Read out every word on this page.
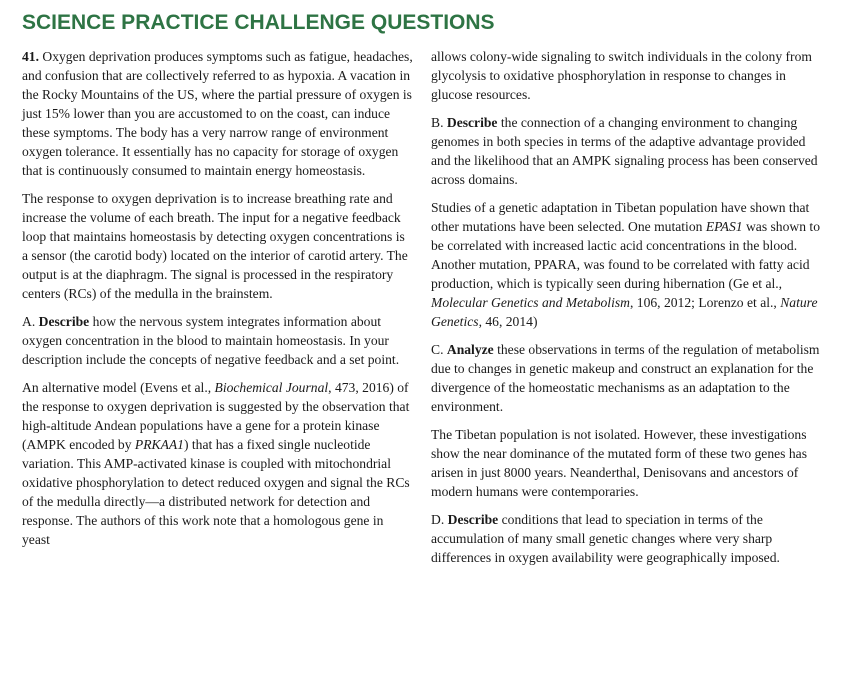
SCIENCE PRACTICE CHALLENGE QUESTIONS

41. Oxygen deprivation produces symptoms such as fatigue, headaches, and confusion that are collectively referred to as hypoxia. A vacation in the Rocky Mountains of the US, where the partial pressure of oxygen is just 15% lower than you are accustomed to on the coast, can induce these symptoms. The body has a very narrow range of environment oxygen tolerance. It essentially has no capacity for storage of oxygen that is continuously consumed to maintain energy homeostasis.

The response to oxygen deprivation is to increase breathing rate and increase the volume of each breath. The input for a negative feedback loop that maintains homeostasis by detecting oxygen concentrations is a sensor (the carotid body) located on the interior of carotid artery. The output is at the diaphragm. The signal is processed in the respiratory centers (RCs) of the medulla in the brainstem.

A. Describe how the nervous system integrates information about oxygen concentration in the blood to maintain homeostasis. In your description include the concepts of negative feedback and a set point.

An alternative model (Evens et al., Biochemical Journal, 473, 2016) of the response to oxygen deprivation is suggested by the observation that high-altitude Andean populations have a gene for a protein kinase (AMPK encoded by PRKAA1) that has a fixed single nucleotide variation. This AMP-activated kinase is coupled with mitochondrial oxidative phosphorylation to detect reduced oxygen and signal the RCs of the medulla directly—a distributed network for detection and response. The authors of this work note that a homologous gene in yeast

allows colony-wide signaling to switch individuals in the colony from glycolysis to oxidative phosphorylation in response to changes in glucose resources.

B. Describe the connection of a changing environment to changing genomes in both species in terms of the adaptive advantage provided and the likelihood that an AMPK signaling process has been conserved across domains.

Studies of a genetic adaptation in Tibetan population have shown that other mutations have been selected. One mutation EPAS1 was shown to be correlated with increased lactic acid concentrations in the blood. Another mutation, PPARA, was found to be correlated with fatty acid production, which is typically seen during hibernation (Ge et al., Molecular Genetics and Metabolism, 106, 2012; Lorenzo et al., Nature Genetics, 46, 2014)

C. Analyze these observations in terms of the regulation of metabolism due to changes in genetic makeup and construct an explanation for the divergence of the homeostatic mechanisms as an adaptation to the environment.

The Tibetan population is not isolated. However, these investigations show the near dominance of the mutated form of these two genes has arisen in just 8000 years. Neanderthal, Denisovans and ancestors of modern humans were contemporaries.

D. Describe conditions that lead to speciation in terms of the accumulation of many small genetic changes where very sharp differences in oxygen availability were geographically imposed.
